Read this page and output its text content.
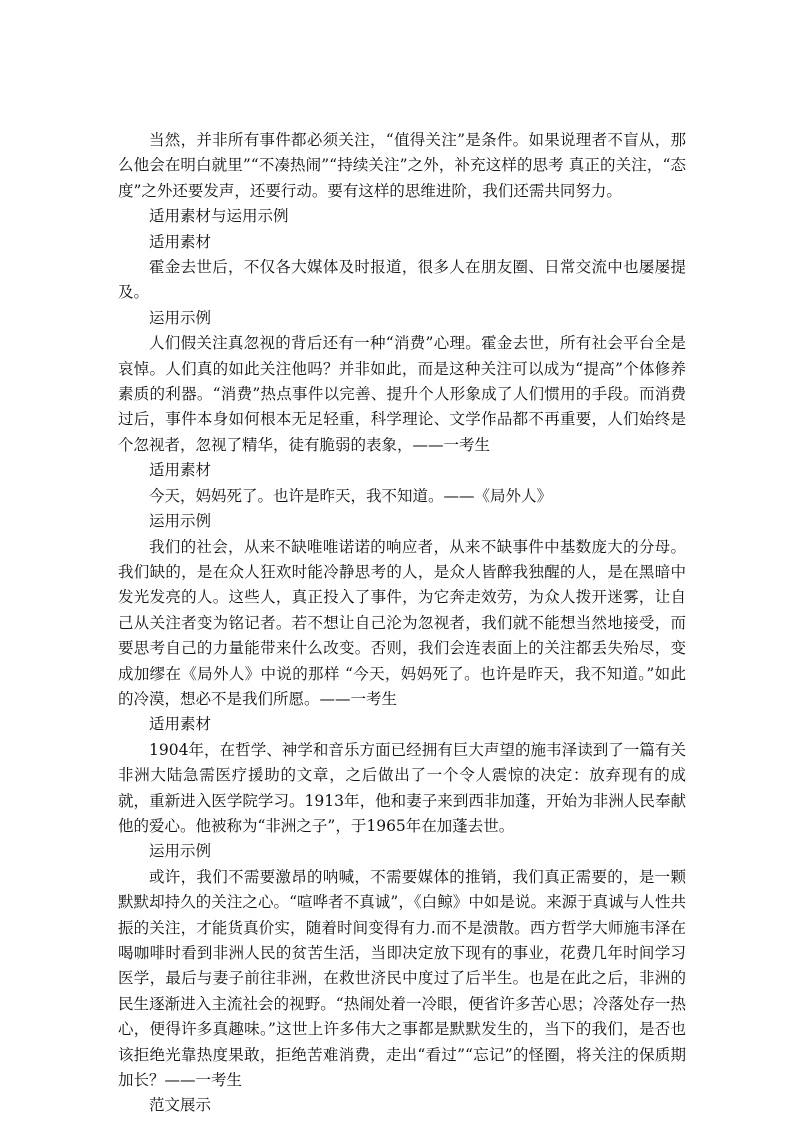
当然，并非所有事件都必须关注，“值得关注”是条件。如果说理者不盲从，那么他会在明白就里”“不凑热闹”“持续关注”之外，补充这样的思考 真正的关注，“态度”之外还要发声，还要行动。要有这样的思维进阶，我们还需共同努力。

适用素材与运用示例

适用素材

霍金去世后，不仅各大媒体及时报道，很多人在朋友圈、日常交流中也屡屡提及。

运用示例

人们假关注真忽视的背后还有一种“消费”心理。霍金去世，所有社会平台全是哀悼。人们真的如此关注他吗？并非如此，而是这种关注可以成为“提高”个体修养素质的利器。“消费”热点事件以完善、提升个人形象成了人们惯用的手段。而消费过后，事件本身如何根本无足轻重，科学理论、文学作品都不再重要，人们始终是个忽视者，忽视了精华，徒有脆弱的表象，——一考生

适用素材

今天，妈妈死了。也许是昨天，我不知道。——《局外人》

运用示例

我们的社会，从来不缺唯唯诺诺的响应者，从来不缺事件中基数庞大的分母。我们缺的，是在众人狂欢时能冷静思考的人，是众人皆醉我独醒的人，是在黑暗中发光发亮的人。这些人，真正投入了事件，为它奔走效劳，为众人拨开迷雾，让自己从关注者变为铭记者。若不想让自己沦为忽视者，我们就不能想当然地接受，而要思考自己的力量能带来什么改变。否则，我们会连表面上的关注都丢失殆尽，变成加缪在《局外人》中说的那样 “今天，妈妈死了。也许是昨天，我不知道。”如此的冷漠，想必不是我们所愿。——一考生

适用素材

1904年，在哲学、神学和音乐方面已经拥有巨大声望的施韦泽读到了一篇有关非洲大陆急需医疗援助的文章，之后做出了一个令人震惊的决定：放弃现有的成就，重新进入医学院学习。1913年，他和妻子来到西非加蓬，开始为非洲人民奉献他的爱心。他被称为“非洲之子”，于1965年在加蓬去世。

运用示例

或许，我们不需要激昂的呐喊，不需要媒体的推销，我们真正需要的，是一颗默默却持久的关注之心。“喧哗者不真诚”，《白鲸》中如是说。来源于真诚与人性共振的关注，才能货真价实，随着时间变得有力.而不是溃散。西方哲学大师施韦泽在喝咖啡时看到非洲人民的贫苦生活，当即决定放下现有的事业，花费几年时间学习医学，最后与妻子前往非洲，在救世济民中度过了后半生。也是在此之后，非洲的民生逐渐进入主流社会的视野。“热闹处着一冷眼，便省许多苦心思；冷落处存一热心，便得许多真趣味。”这世上许多伟大之事都是默默发生的，当下的我们，是否也该拒绝光靠热度果敢，拒绝苦难消费，走出“看过”“忘记”的怪圈，将关注的保质期加长？——一考生

范文展示
